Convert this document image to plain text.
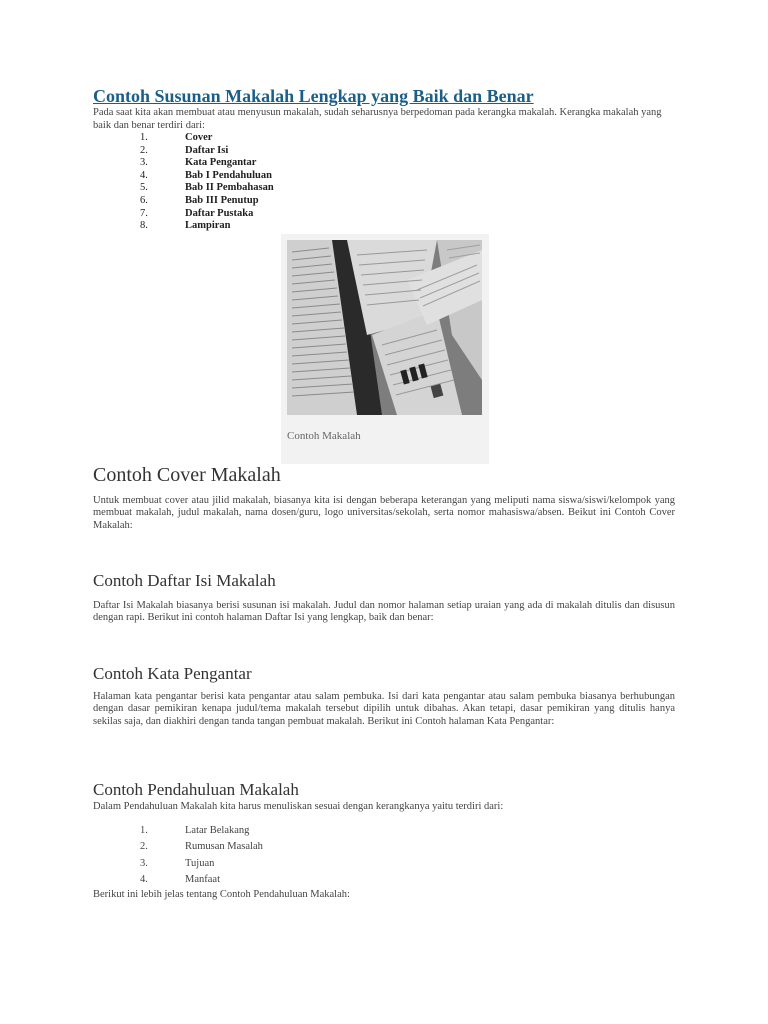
Contoh Susunan Makalah Lengkap yang Baik dan Benar
Pada saat kita akan membuat atau menyusun makalah, sudah seharusnya berpedoman pada kerangka makalah. Kerangka makalah yang baik dan benar terdiri dari:
1.	Cover
2.	Daftar Isi
3.	Kata Pengantar
4.	Bab I Pendahuluan
5.	Bab II Pembahasan
6.	Bab III Penutup
7.	Daftar Pustaka
8.	Lampiran
Contoh Makalah
Contoh Cover Makalah
Untuk membuat cover atau jilid makalah, biasanya kita isi dengan beberapa keterangan yang meliputi nama siswa/siswi/kelompok yang membuat makalah, judul makalah, nama dosen/guru, logo universitas/sekolah, serta nomor mahasiswa/absen. Beikut ini Contoh Cover Makalah:
Contoh Daftar Isi Makalah
Daftar Isi Makalah biasanya berisi susunan isi makalah. Judul dan nomor halaman setiap uraian yang ada di makalah ditulis dan disusun dengan rapi. Berikut ini contoh halaman Daftar Isi yang lengkap, baik dan benar:
Contoh Kata Pengantar
Halaman kata pengantar berisi kata pengantar atau salam pembuka. Isi dari kata pengantar atau salam pembuka biasanya berhubungan dengan dasar pemikiran kenapa judul/tema makalah tersebut dipilih untuk dibahas. Akan tetapi, dasar pemikiran yang ditulis hanya sekilas saja, dan diakhiri dengan tanda tangan pembuat makalah. Berikut ini Contoh halaman Kata Pengantar:
Contoh Pendahuluan Makalah
Dalam Pendahuluan Makalah kita harus menuliskan sesuai dengan kerangkanya yaitu terdiri dari:
1.	Latar Belakang
2.	Rumusan Masalah
3.	Tujuan
4.	Manfaat
Berikut ini lebih jelas tentang Contoh Pendahuluan Makalah:
